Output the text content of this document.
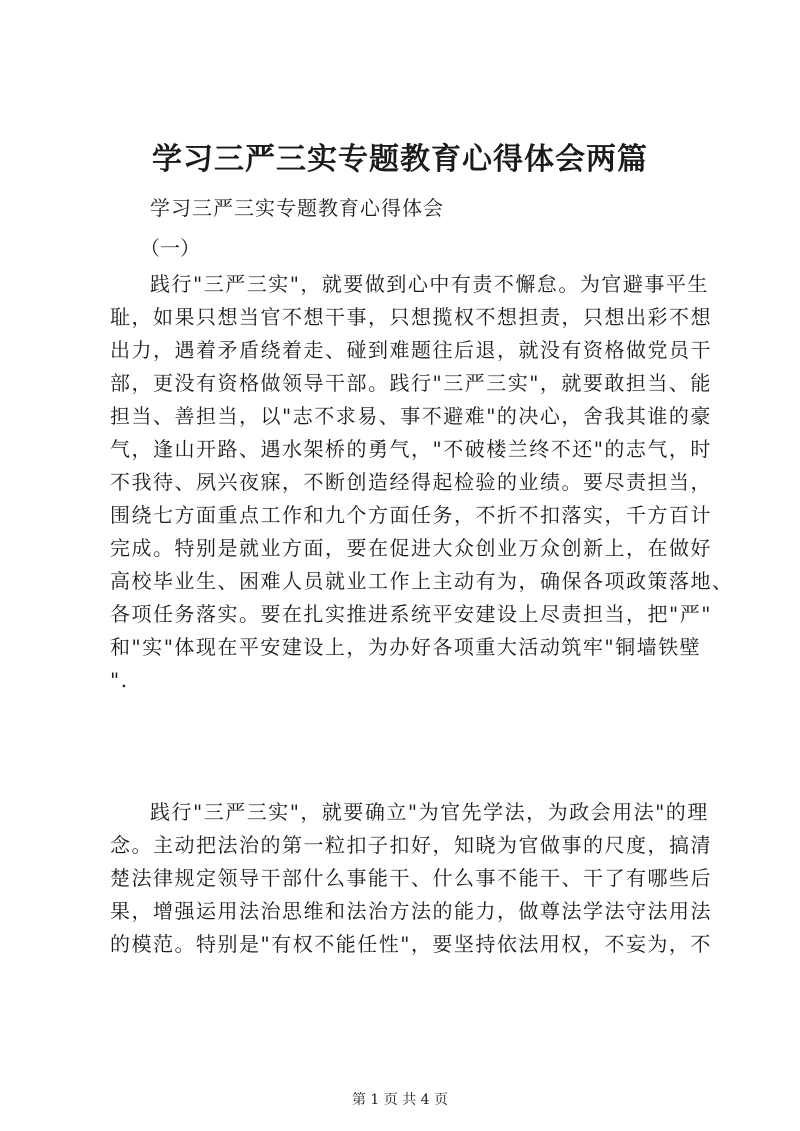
学习三严三实专题教育心得体会两篇
学习三严三实专题教育心得体会
（一）
践行"三严三实"，就要做到心中有责不懈怠。为官避事平生
耻，如果只想当官不想干事，只想揽权不想担责，只想出彩不想
出力，遇着矛盾绕着走、碰到难题往后退，就没有资格做党员干
部，更没有资格做领导干部。践行"三严三实"，就要敢担当、能
担当、善担当，以"志不求易、事不避难"的决心，舍我其谁的豪
气，逢山开路、遇水架桥的勇气，"不破楼兰终不还"的志气，时
不我待、夙兴夜寐，不断创造经得起检验的业绩。要尽责担当，
围绕七方面重点工作和九个方面任务，不折不扣落实，千方百计
完成。特别是就业方面，要在促进大众创业万众创新上，在做好
高校毕业生、困难人员就业工作上主动有为，确保各项政策落地、
各项任务落实。要在扎实推进系统平安建设上尽责担当，把"严"
和"实"体现在平安建设上，为办好各项重大活动筑牢"铜墙铁壁
".
践行"三严三实"，就要确立"为官先学法，为政会用法"的理
念。主动把法治的第一粒扣子扣好，知晓为官做事的尺度，搞清
楚法律规定领导干部什么事能干、什么事不能干、干了有哪些后
果，增强运用法治思维和法治方法的能力，做尊法学法守法用法
的模范。特别是"有权不能任性"，要坚持依法用权，不妄为，不
第 1 页 共 4 页
